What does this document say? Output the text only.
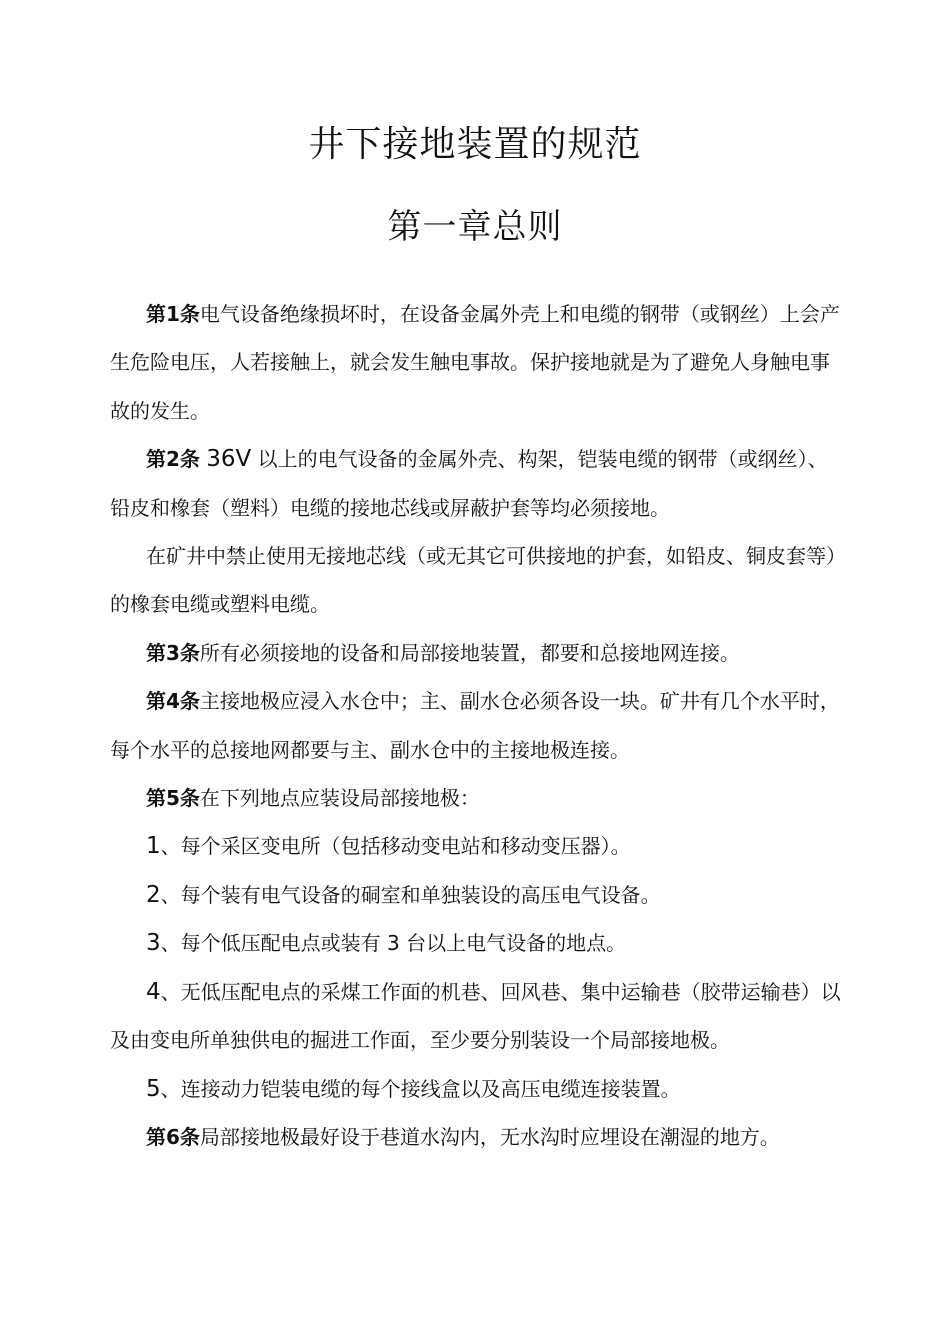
井下接地装置的规范
第一章总则

第1条电气设备绝缘损坏时，在设备金属外壳上和电缆的钢带（或钢丝）上会产生危险电压，人若接触上，就会发生触电事故。保护接地就是为了避免人身触电事故的发生。

第2条 36V 以上的电气设备的金属外壳、构架，铠装电缆的钢带（或纲丝）、铅皮和橡套（塑料）电缆的接地芯线或屏蔽护套等均必须接地。

在矿井中禁止使用无接地芯线（或无其它可供接地的护套，如铅皮、铜皮套等）的橡套电缆或塑料电缆。

第3条所有必须接地的设备和局部接地装置，都要和总接地网连接。

第4条主接地极应浸入水仓中；主、副水仓必须各设一块。矿井有几个水平时，每个水平的总接地网都要与主、副水仓中的主接地极连接。

第5条在下列地点应装设局部接地极：

1、每个采区变电所（包括移动变电站和移动变压器）。

2、每个装有电气设备的硐室和单独装设的高压电气设备。

3、每个低压配电点或装有 3 台以上电气设备的地点。

4、无低压配电点的采煤工作面的机巷、回风巷、集中运输巷（胶带运输巷）以及由变电所单独供电的掘进工作面，至少要分别装设一个局部接地极。

5、连接动力铠装电缆的每个接线盒以及高压电缆连接装置。

第6条局部接地极最好设于巷道水沟内，无水沟时应埋设在潮湿的地方。
